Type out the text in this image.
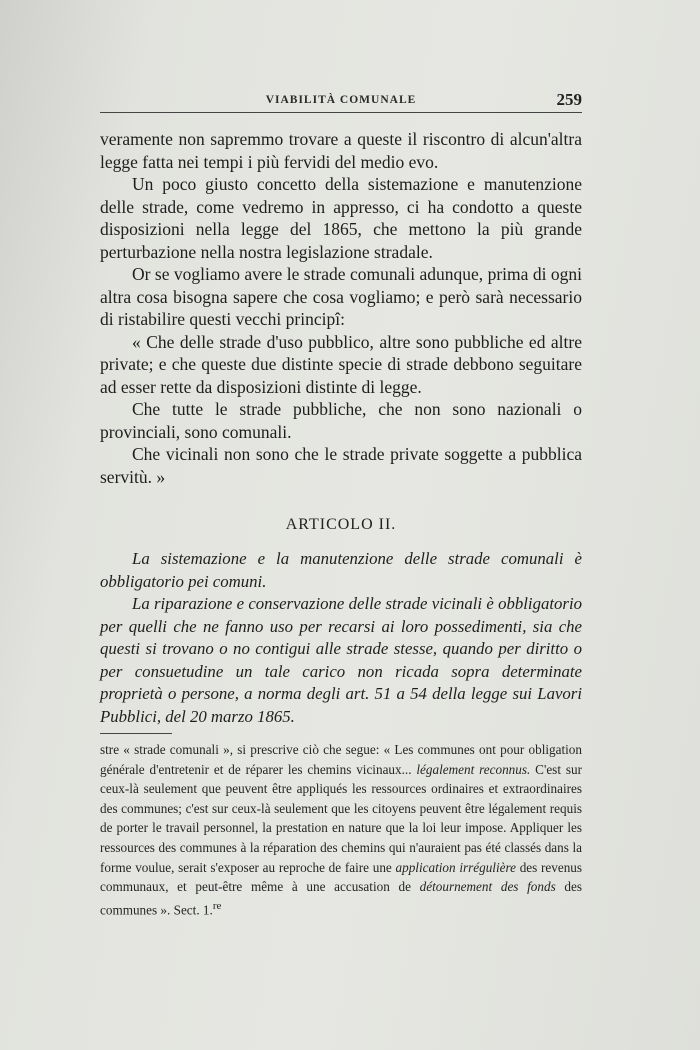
VIABILITÀ COMUNALE	259

veramente non sapremmo trovare a queste il riscontro di alcun'altra legge fatta nei tempi i più fervidi del medio evo.

Un poco giusto concetto della sistemazione e manutenzione delle strade, come vedremo in appresso, ci ha condotto a queste disposizioni nella legge del 1865, che mettono la più grande perturbazione nella nostra legislazione stradale.

Or se vogliamo avere le strade comunali adunque, prima di ogni altra cosa bisogna sapere che cosa vogliamo; e però sarà necessario di ristabilire questi vecchi principî:

« Che delle strade d'uso pubblico, altre sono pubbliche ed altre private; e che queste due distinte specie di strade debbono seguitare ad esser rette da disposizioni distinte di legge.

Che tutte le strade pubbliche, che non sono nazionali o provinciali, sono comunali.

Che vicinali non sono che le strade private soggette a pubblica servitù. »

ARTICOLO II.

La sistemazione e la manutenzione delle strade comunali è obbligatorio pei comuni.

La riparazione e conservazione delle strade vicinali è obbligatorio per quelli che ne fanno uso per recarsi ai loro possedimenti, sia che questi si trovano o no contigui alle strade stesse, quando per diritto o per consuetudine un tale carico non ricada sopra determinate proprietà o persone, a norma degli art. 51 a 54 della legge sui Lavori Pubblici, del 20 marzo 1865.

stre « strade comunali », si prescrive ciò che segue: « Les communes ont pour obligation générale d'entretenir et de réparer les chemins vicinaux... légalement reconnus. C'est sur ceux-là seulement que peuvent être appliqués les ressources ordinaires et extraordinaires des communes; c'est sur ceux-là seulement que les citoyens peuvent être légalement requis de porter le travail personnel, la prestation en nature que la loi leur impose. Appliquer les ressources des communes à la réparation des chemins qui n'auraient pas été classés dans la forme voulue, serait s'exposer au reproche de faire une application irrégulière des revenus communaux, et peut-être même à une accusation de détournement des fonds des communes ». Sect. 1.$^{re}$
